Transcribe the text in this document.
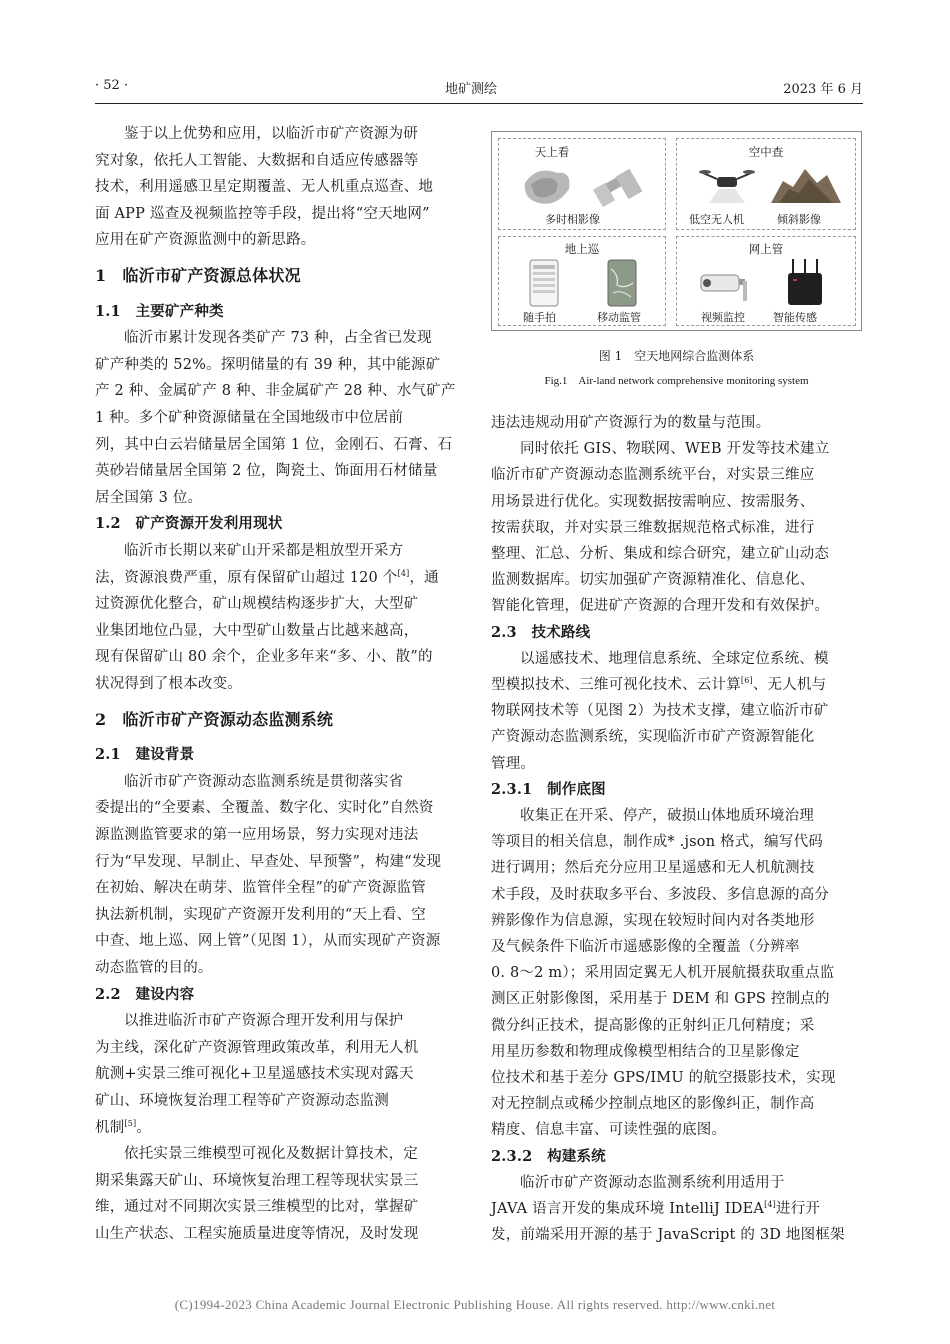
· 52 ·	地矿测绘	2023 年 6 月
鉴于以上优势和应用，以临沂市矿产资源为研
究对象，依托人工智能、大数据和自适应传感器等
技术，利用遥感卫星定期覆盖、无人机重点巡查、地
面 APP 巡查及视频监控等手段，提出将“空天地网”
应用在矿产资源监测中的新思路。
1　临沂市矿产资源总体状况
1.1　主要矿产种类
临沂市累计发现各类矿产 73 种，占全省已发现
矿产种类的 52%。探明储量的有 39 种，其中能源矿
产 2 种、金属矿产 8 种、非金属矿产 28 种、水气矿产
1 种。多个矿种资源储量在全国地级市中位居前
列，其中白云岩储量居全国第 1 位，金刚石、石膏、石
英砂岩储量居全国第 2 位，陶瓷土、饰面用石材储量
居全国第 3 位。
1.2　矿产资源开发利用现状
临沂市长期以来矿山开采都是粗放型开采方
法，资源浪费严重，原有保留矿山超过 120 个[4]，通
过资源优化整合，矿山规模结构逐步扩大，大型矿
业集团地位凸显，大中型矿山数量占比越来越高，
现有保留矿山 80 余个，企业多年来“多、小、散”的
状况得到了根本改变。
2　临沂市矿产资源动态监测系统
2.1　建设背景
临沂市矿产资源动态监测系统是贯彻落实省
委提出的“全要素、全覆盖、数字化、实时化”自然资
源监测监管要求的第一应用场景，努力实现对违法
行为“早发现、早制止、早查处、早预警”，构建“发现
在初始、解决在萌芽、监管伴全程”的矿产资源监管
执法新机制，实现矿产资源开发利用的“天上看、空
中查、地上巡、网上管”（见图 1），从而实现矿产资源
动态监管的目的。
2.2　建设内容
以推进临沂市矿产资源合理开发利用与保护
为主线，深化矿产资源管理政策改革，利用无人机
航测+实景三维可视化+卫星遥感技术实现对露天
矿山、环境恢复治理工程等矿产资源动态监测
机制[5]。
依托实景三维模型可视化及数据计算技术，定
期采集露天矿山、环境恢复治理工程等现状实景三
维，通过对不同期次实景三维模型的比对，掌握矿
山生产状态、工程实施质量进度等情况，及时发现
天上看
多时相影像
空中查
低空无人机	倾斜影像
地上巡
随手拍	移动监管
网上管
视频监控	智能传感
图 1　空天地网综合监测体系
Fig.1　Air-land network comprehensive monitoring system
违法违规动用矿产资源行为的数量与范围。
同时依托 GIS、物联网、WEB 开发等技术建立
临沂市矿产资源动态监测系统平台，对实景三维应
用场景进行优化。实现数据按需响应、按需服务、
按需获取，并对实景三维数据规范格式标准，进行
整理、汇总、分析、集成和综合研究，建立矿山动态
监测数据库。切实加强矿产资源精准化、信息化、
智能化管理，促进矿产资源的合理开发和有效保护。
2.3　技术路线
以遥感技术、地理信息系统、全球定位系统、模
型模拟技术、三维可视化技术、云计算[6]、无人机与
物联网技术等（见图 2）为技术支撑，建立临沂市矿
产资源动态监测系统，实现临沂市矿产资源智能化
管理。
2.3.1　制作底图
收集正在开采、停产，破损山体地质环境治理
等项目的相关信息，制作成* .json 格式，编写代码
进行调用；然后充分应用卫星遥感和无人机航测技
术手段，及时获取多平台、多波段、多信息源的高分
辨影像作为信息源，实现在较短时间内对各类地形
及气候条件下临沂市遥感影像的全覆盖（分辨率
0. 8～2 m）；采用固定翼无人机开展航摄获取重点监
测区正射影像图，采用基于 DEM 和 GPS 控制点的
微分纠正技术，提高影像的正射纠正几何精度；采
用星历参数和物理成像模型相结合的卫星影像定
位技术和基于差分 GPS/IMU 的航空摄影技术，实现
对无控制点或稀少控制点地区的影像纠正，制作高
精度、信息丰富、可读性强的底图。
2.3.2　构建系统
临沂市矿产资源动态监测系统利用适用于
JAVA 语言开发的集成环境 IntelliJ IDEA[4]进行开
发，前端采用开源的基于 JavaScript 的 3D 地图框架
(C)1994-2023 China Academic Journal Electronic Publishing House. All rights reserved. http://www.cnki.net
